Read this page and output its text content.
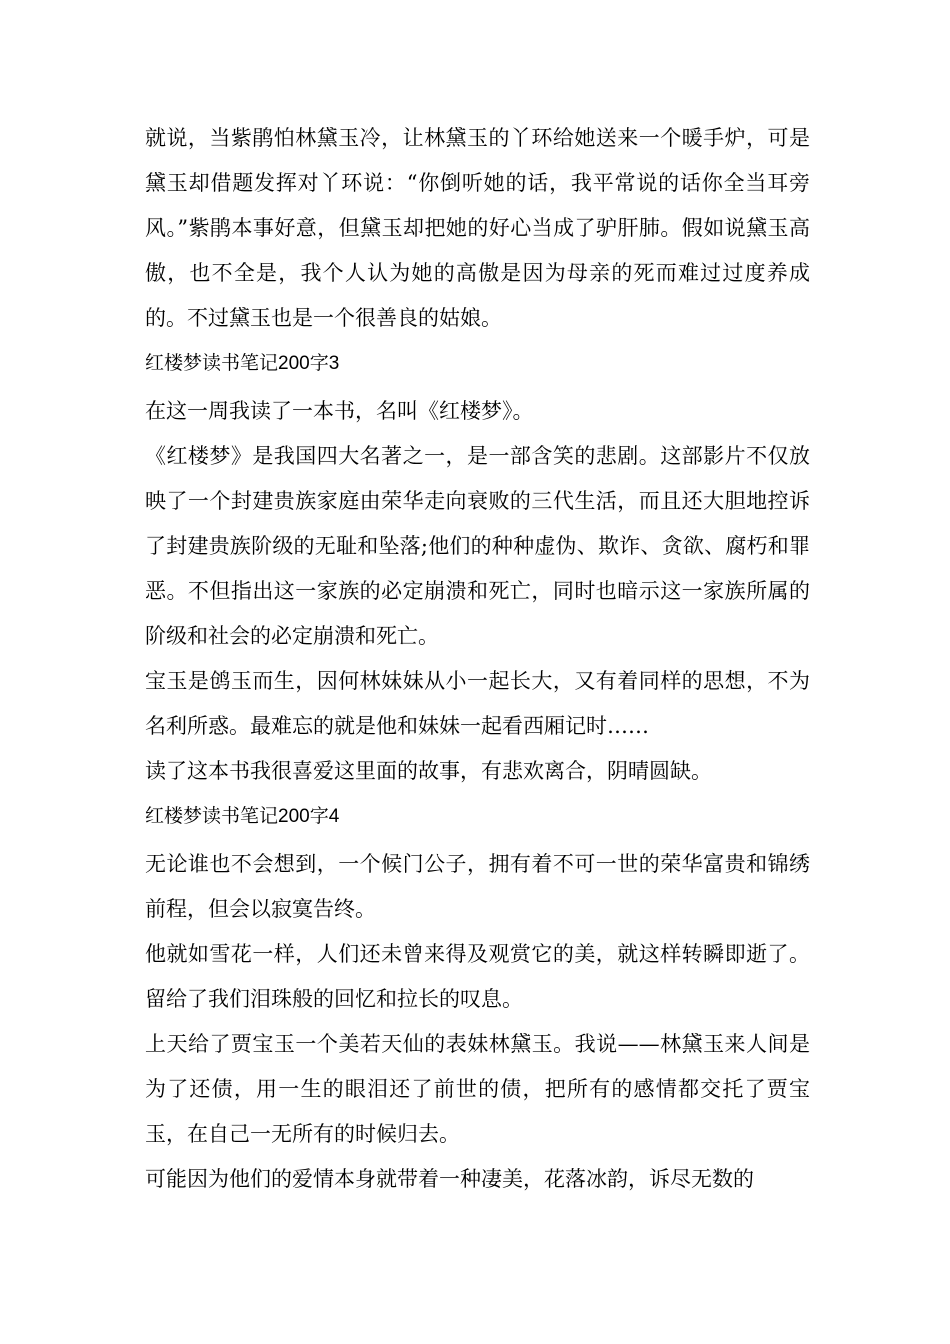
就说，当紫鹃怕林黛玉冷，让林黛玉的丫环给她送来一个暖手炉，可是黛玉却借题发挥对丫环说：“你倒听她的话，我平常说的话你全当耳旁风。”紫鹃本事好意，但黛玉却把她的好心当成了驴肝肺。假如说黛玉高傲，也不全是，我个人认为她的高傲是因为母亲的死而难过过度养成的。不过黛玉也是一个很善良的姑娘。

红楼梦读书笔记200字3

在这一周我读了一本书，名叫《红楼梦》。

《红楼梦》是我国四大名著之一，是一部含笑的悲剧。这部影片不仅放映了一个封建贵族家庭由荣华走向衰败的三代生活，而且还大胆地控诉了封建贵族阶级的无耻和坠落;他们的种种虚伪、欺诈、贪欲、腐朽和罪恶。不但指出这一家族的必定崩溃和死亡，同时也暗示这一家族所属的阶级和社会的必定崩溃和死亡。

宝玉是鸧玉而生，因何林妹妹从小一起长大，又有着同样的思想，不为名利所惑。最难忘的就是他和妹妹一起看西厢记时……

读了这本书我很喜爱这里面的故事，有悲欢离合，阴晴圆缺。

红楼梦读书笔记200字4

无论谁也不会想到，一个候门公子，拥有着不可一世的荣华富贵和锦绣前程，但会以寂寞告终。

他就如雪花一样，人们还未曾来得及观赏它的美，就这样转瞬即逝了。留给了我们泪珠般的回忆和拉长的叹息。

上天给了贾宝玉一个美若天仙的表妹林黛玉。我说——林黛玉来人间是为了还债，用一生的眼泪还了前世的债，把所有的感情都交托了贾宝玉，在自己一无所有的时候归去。

可能因为他们的爱情本身就带着一种凄美，花落冰韵，诉尽无数的
